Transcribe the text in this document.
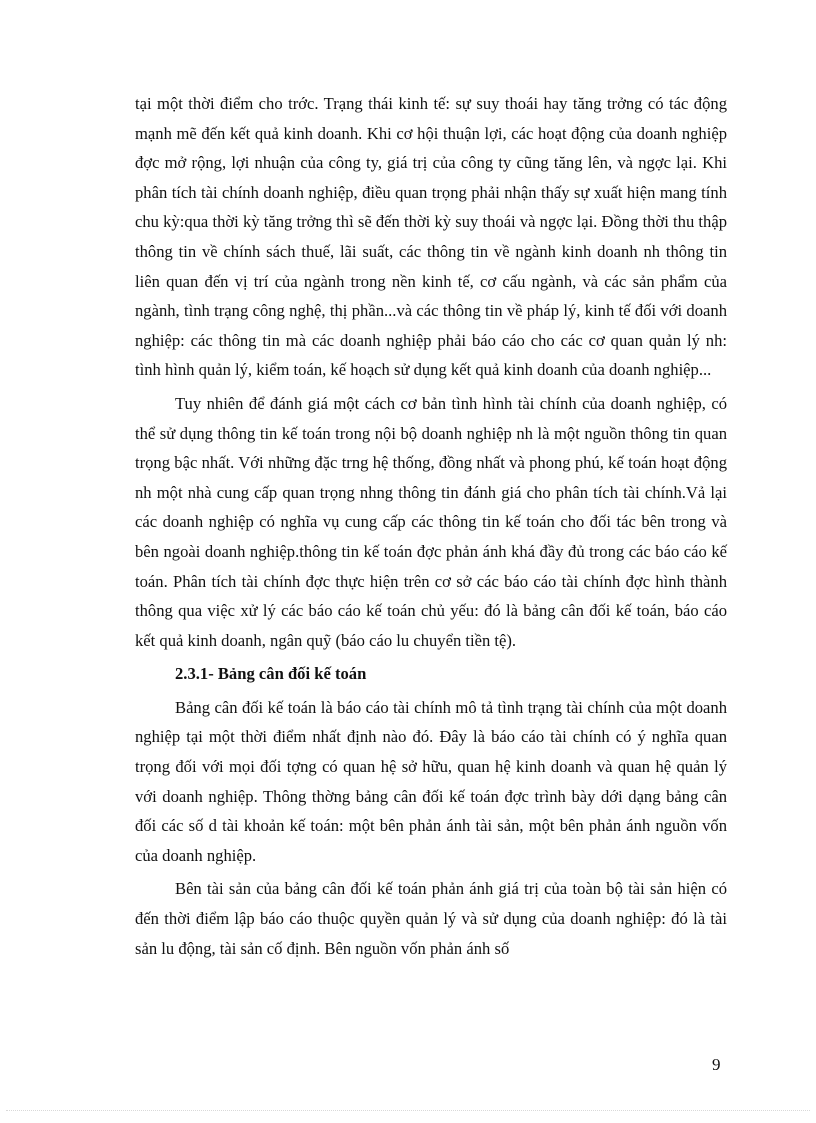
tại một thời điểm cho trớc. Trạng thái kinh tế: sự suy thoái hay tăng trởng có tác động mạnh mẽ đến kết quả kinh doanh. Khi cơ hội thuận lợi, các hoạt động của doanh nghiệp đợc mở rộng, lợi nhuận của công ty, giá trị của công ty cũng tăng lên, và ngợc lại. Khi phân tích tài chính doanh nghiệp, điều quan trọng phải nhận thấy sự xuất hiện mang tính chu kỳ:qua thời kỳ tăng trởng thì sẽ đến thời kỳ suy thoái và ngợc lại. Đồng thời thu thập thông tin về chính sách thuế, lãi suất, các thông tin về ngành kinh doanh nh thông tin liên quan đến vị trí của ngành trong nền kinh tế, cơ cấu ngành, và các sản phẩm của ngành, tình trạng công nghệ, thị phần...và các thông tin về pháp lý, kinh tế đối với doanh nghiệp: các thông tin mà các doanh nghiệp phải báo cáo cho các cơ quan quản lý nh: tình hình quản lý, kiểm toán, kế hoạch sử dụng kết quả kinh doanh của doanh nghiệp...

Tuy nhiên để đánh giá một cách cơ bản tình hình tài chính của doanh nghiệp, có thể sử dụng thông tin kế toán trong nội bộ doanh nghiệp nh là một nguồn thông tin quan trọng bậc nhất. Với những đặc trng hệ thống, đồng nhất và phong phú, kế toán hoạt động nh một nhà cung cấp quan trọng nhng thông tin đánh giá cho phân tích tài chính.Vả lại các doanh nghiệp có nghĩa vụ cung cấp các thông tin kế toán cho đối tác bên trong và bên ngoài doanh nghiệp.thông tin kế toán đợc phản ánh khá đầy đủ trong các báo cáo kế toán. Phân tích tài chính đợc thực hiện trên cơ sở các báo cáo tài chính đợc hình thành thông qua việc xử lý các báo cáo kế toán chủ yếu: đó là bảng cân đối kế toán, báo cáo kết quả kinh doanh, ngân quỹ (báo cáo lu chuyển tiền tệ).

2.3.1- Bảng cân đối kế toán

Bảng cân đối kế toán là báo cáo tài chính mô tả tình trạng tài chính của một doanh nghiệp tại một thời điểm nhất định nào đó. Đây là báo cáo tài chính có ý nghĩa quan trọng đối với mọi đối tợng có quan hệ sở hữu, quan hệ kinh doanh và quan hệ quản lý với doanh nghiệp. Thông thờng bảng cân đối kế toán đợc trình bày dới dạng bảng cân đối các số d tài khoản kế toán: một bên phản ánh tài sản, một bên phản ánh nguồn vốn của doanh nghiệp.

Bên tài sản của bảng cân đối kế toán phản ánh giá trị của toàn bộ tài sản hiện có đến thời điểm lập báo cáo thuộc quyền quản lý và sử dụng của doanh nghiệp: đó là tài sản lu động, tài sản cố định. Bên nguồn vốn phản ánh số

9
